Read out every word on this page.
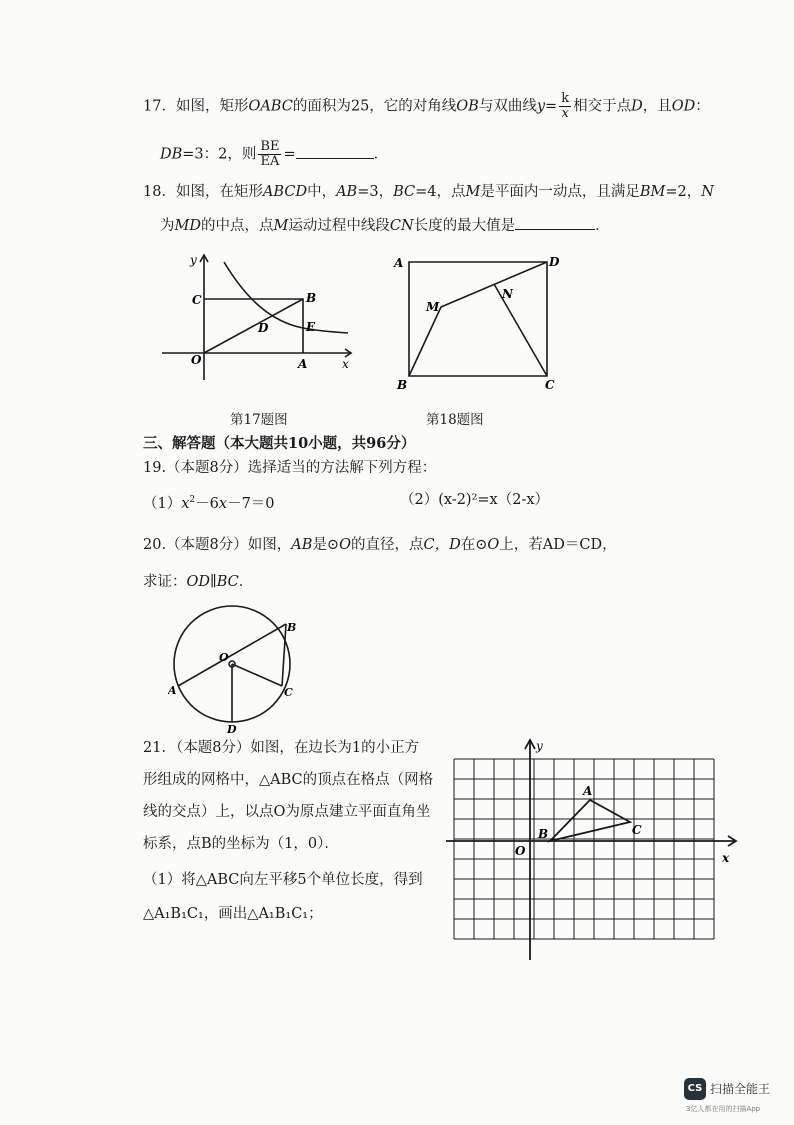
17．如图，矩形OABC的面积为25，它的对角线OB与双曲线$y= \frac{k}{x}$ 相交于点D，且OD：
DB=3：2，则 $\frac{BE}{EA}$ =	．
18．如图，在矩形ABCD中，AB=3，BC=4，点M是平面内一动点，且满足BM=2，N
为MD的中点，点M运动过程中线段CN长度的最大值是	．
y
C	B
D	E
O	A	x
第17题图
A	D
M
N
B	C
第18题图
三、解答题（本大题共10小题，共96分）
19.（本题8分）选择适当的方法解下列方程：
$(1)x^2-6x-7=0$	（2）(x-2)²=x（2-x）
20.（本题8分）如图，AB是⊙O的直径，点C，D在⊙O上，若AD＝CD，
求证：OD∥BC．
A
B
C
D
O
21．（本题8分）如图，在边长为1的小正方
形组成的网格中，△ABC的顶点在格点（网格
线的交点）上，以点O为原点建立平面直角坐
标系，点B的坐标为（1，0）．
（1）将△ABC向左平移5个单位长度，得到
△A₁B₁C₁，画出△A₁B₁C₁；
y
x
O
A
B	C
CS 扫描全能王
3亿人都在用的扫描App
